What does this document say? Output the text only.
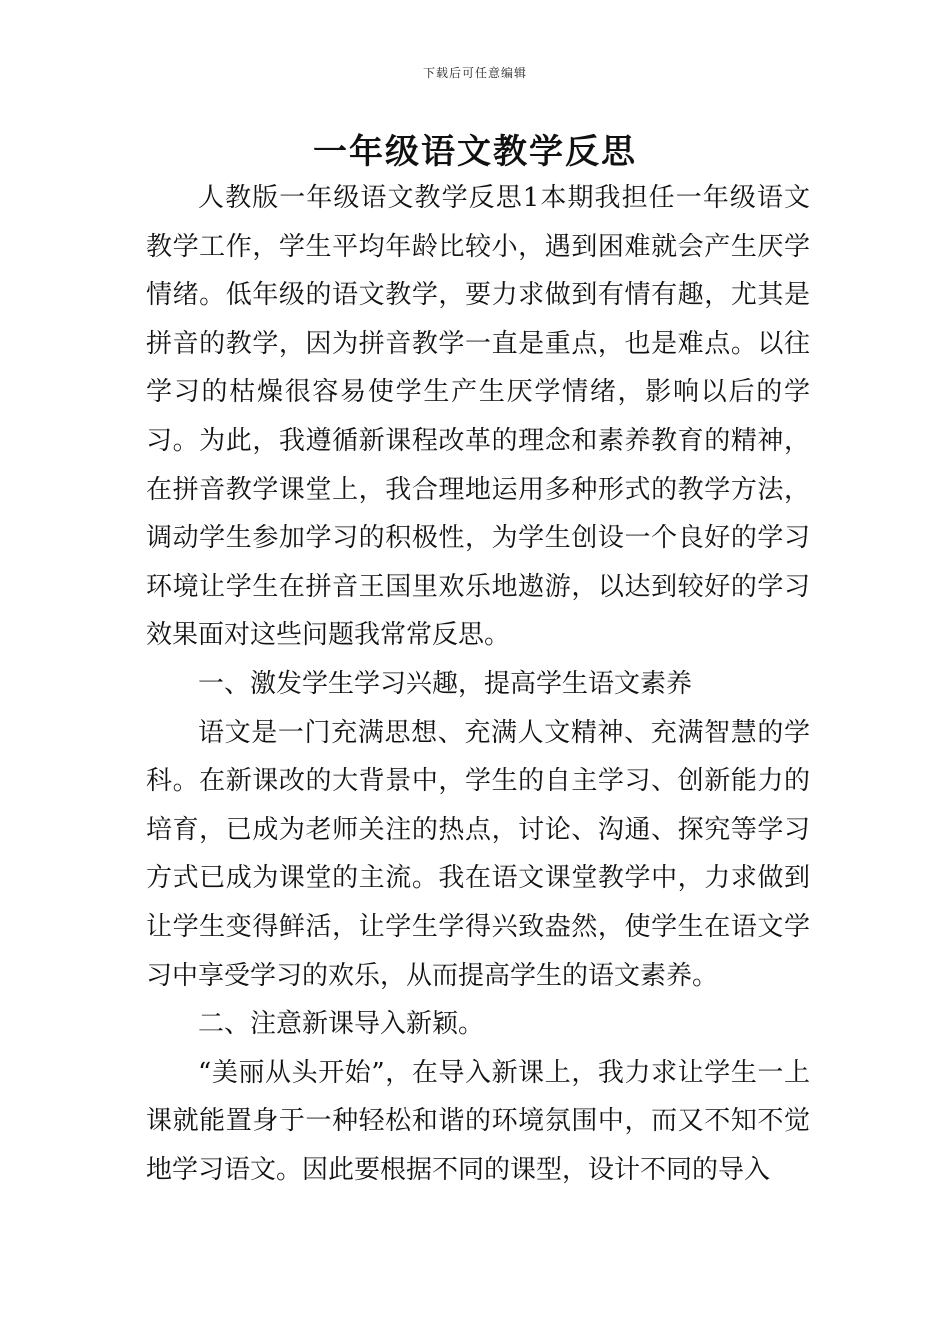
下载后可任意编辑
一年级语文教学反思

人教版一年级语文教学反思1本期我担任一年级语文教学工作，学生平均年龄比较小，遇到困难就会产生厌学情绪。低年级的语文教学，要力求做到有情有趣，尤其是拼音的教学，因为拼音教学一直是重点，也是难点。以往学习的枯燥很容易使学生产生厌学情绪，影响以后的学习。为此，我遵循新课程改革的理念和素养教育的精神，在拼音教学课堂上，我合理地运用多种形式的教学方法，调动学生参加学习的积极性，为学生创设一个良好的学习环境让学生在拼音王国里欢乐地遨游，以达到较好的学习效果面对这些问题我常常反思。

一、激发学生学习兴趣，提高学生语文素养

语文是一门充满思想、充满人文精神、充满智慧的学科。在新课改的大背景中，学生的自主学习、创新能力的培育，已成为老师关注的热点，讨论、沟通、探究等学习方式已成为课堂的主流。我在语文课堂教学中，力求做到让学生变得鲜活，让学生学得兴致盎然，使学生在语文学习中享受学习的欢乐，从而提高学生的语文素养。

二、注意新课导入新颖。

“美丽从头开始”，在导入新课上，我力求让学生一上课就能置身于一种轻松和谐的环境氛围中，而又不知不觉地学习语文。因此要根据不同的课型，设计不同的导入
